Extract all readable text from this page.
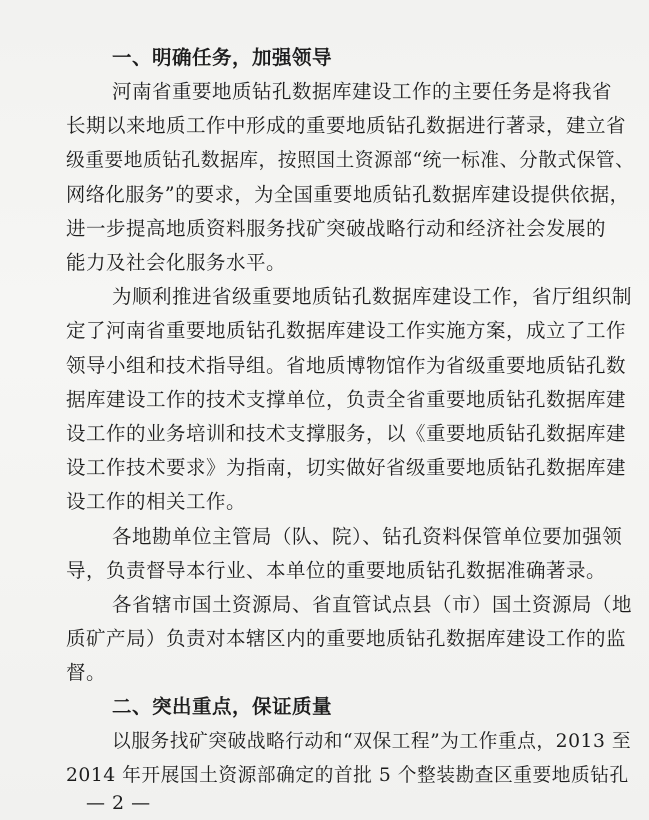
一、明确任务，加强领导
河南省重要地质钻孔数据库建设工作的主要任务是将我省
长期以来地质工作中形成的重要地质钻孔数据进行著录，建立省
级重要地质钻孔数据库，按照国土资源部“统一标准、分散式保管、
网络化服务”的要求，为全国重要地质钻孔数据库建设提供依据，
进一步提高地质资料服务找矿突破战略行动和经济社会发展的
能力及社会化服务水平。
为顺利推进省级重要地质钻孔数据库建设工作，省厅组织制
定了河南省重要地质钻孔数据库建设工作实施方案，成立了工作
领导小组和技术指导组。省地质博物馆作为省级重要地质钻孔数
据库建设工作的技术支撑单位，负责全省重要地质钻孔数据库建
设工作的业务培训和技术支撑服务，以《重要地质钻孔数据库建
设工作技术要求》为指南，切实做好省级重要地质钻孔数据库建
设工作的相关工作。
各地勘单位主管局（队、院）、钻孔资料保管单位要加强领
导，负责督导本行业、本单位的重要地质钻孔数据准确著录。
各省辖市国土资源局、省直管试点县（市）国土资源局（地
质矿产局）负责对本辖区内的重要地质钻孔数据库建设工作的监
督。
二、突出重点，保证质量
以服务找矿突破战略行动和“双保工程”为工作重点，2013 至
2014 年开展国土资源部确定的首批 5 个整装勘查区重要地质钻孔
— 2 —
